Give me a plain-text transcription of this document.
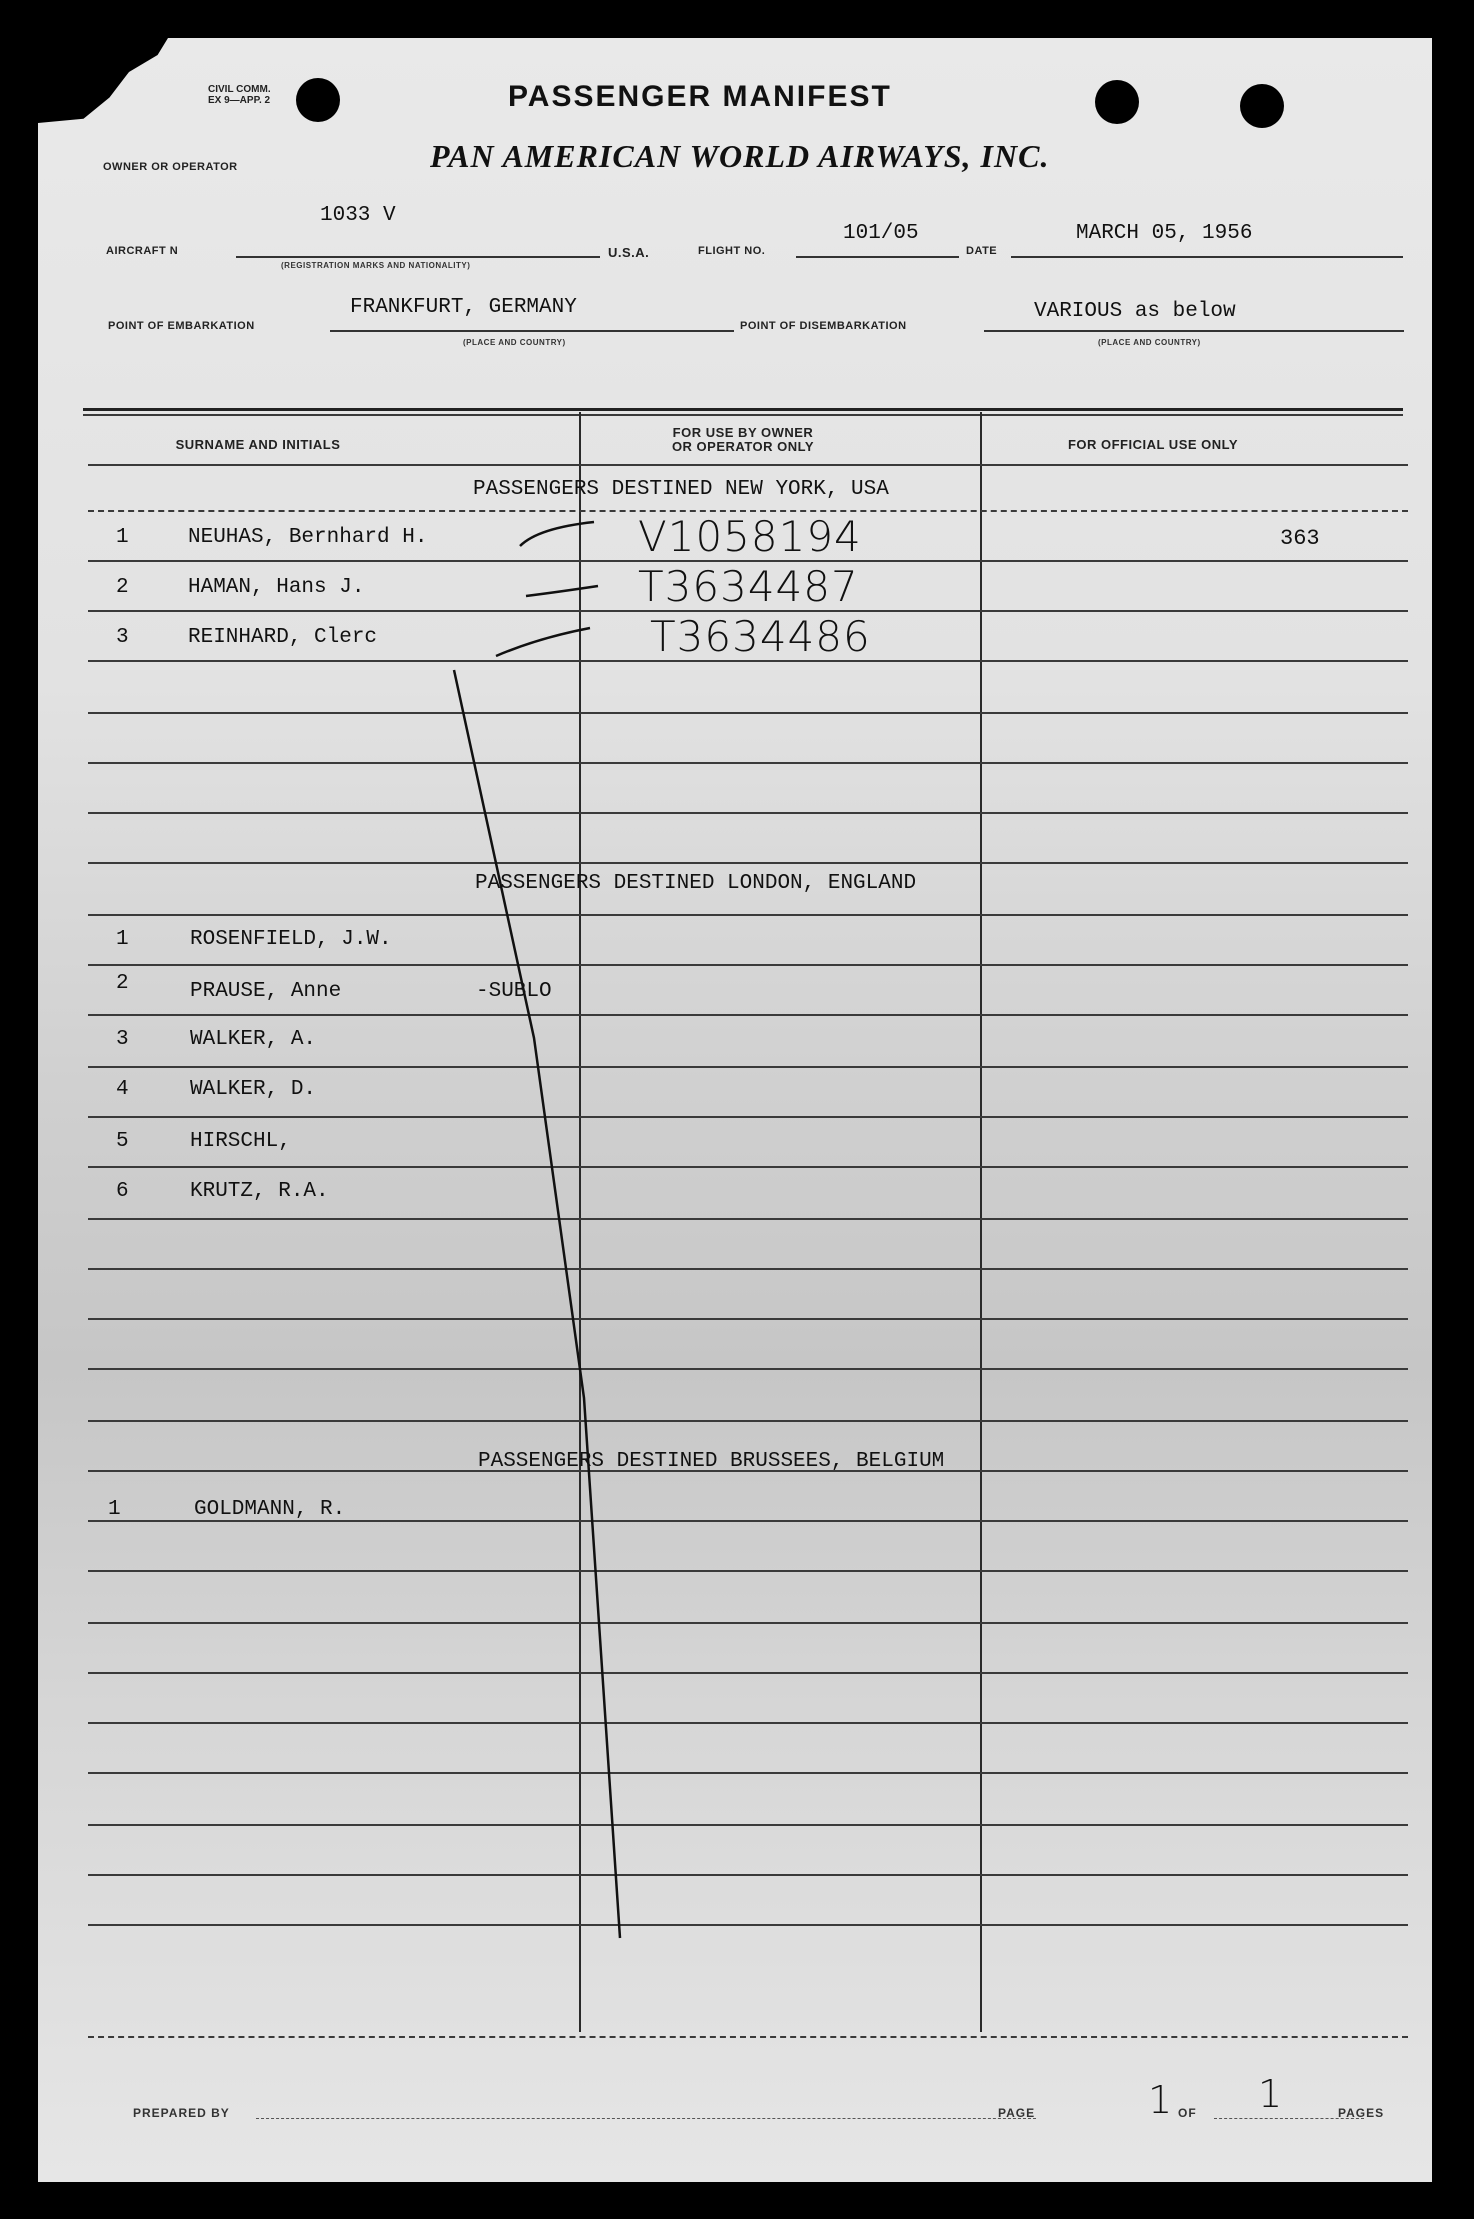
CIVIL COMM.
EX 9—APP. 2	PASSENGER MANIFEST
OWNER OR OPERATOR	PAN AMERICAN WORLD AIRWAYS, INC.
1033 V
AIRCRAFT N
(REGISTRATION MARKS AND NATIONALITY)
U.S.A.	FLIGHT NO.
101/05
DATE
MARCH 05, 1956
FRANKFURT, GERMANY
POINT OF EMBARKATION
(PLACE AND COUNTRY)
POINT OF DISEMBARKATION
VARIOUS as below
(PLACE AND COUNTRY)
SURNAME AND INITIALS
FOR USE BY OWNER OR OPERATOR ONLY	FOR OFFICIAL USE ONLY
PASSENGERS DESTINED NEW YORK, USA
1	NEUHAS, Bernhard H.	V1058194	363
2	HAMAN, Hans J.	T3634487
3	REINHARD, Clerc	T3634486
PASSENGERS DESTINED LONDON, ENGLAND
1	ROSENFIELD, J.W.
2	PRAUSE, Anne	-SUBLO
3	WALKER, A.
4	WALKER, D.
5	HIRSCHL,
6	KRUTZ, R.A.
PASSENGERS DESTINED BRUSSEES, BELGIUM
1	GOLDMANN, R.
PREPARED BY	PAGE	1 OF 1	PAGES
